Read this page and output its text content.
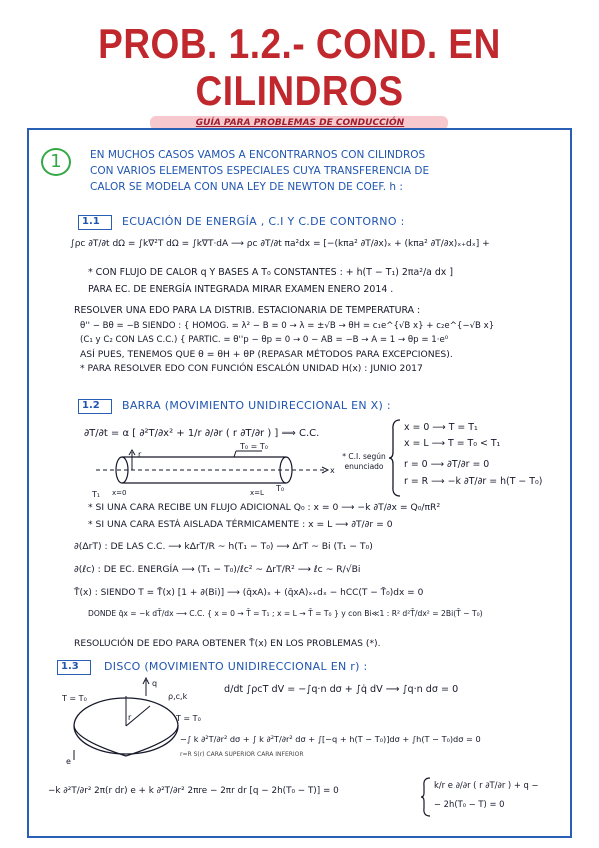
PROB. 1.2.- COND. EN CILINDROS
GUÍA PARA PROBLEMAS DE CONDUCCIÓN
1	EN MUCHOS CASOS VAMOS A ENCONTRARNOS CON CILINDROS
CON VARIOS ELEMENTOS ESPECIALES CUYA TRANSFERENCIA DE
CALOR SE MODELA CON UNA LEY DE NEWTON DE COEF. h :
1.1	ECUACIÓN DE ENERGÍA , C.I Y C.DE CONTORNO :
∫ρc ∂T/∂t dΩ = ∫k∇²T dΩ = ∫k∇T·dA ⟶ ρc ∂T/∂t πa²dx = [−(kπa² ∂T/∂x)ₓ + (kπa² ∂T/∂x)ₓ₊dₓ] +
* CON FLUJO DE CALOR q Y BASES A T₀ CONSTANTES : + h(T − T₁) 2πa²/a dx ]
PARA EC. DE ENERGÍA INTEGRADA MIRAR EXAMEN ENERO 2014 .
RESOLVER UNA EDO PARA LA DISTRIB. ESTACIONARIA DE TEMPERATURA :
θ'' − Bθ = −B SIENDO : { HOMOG. = λ² − B = 0 → λ = ±√B → θH = c₁e^{√B x} + c₂e^{−√B x}
(C₁ y C₂ CON LAS C.C.) { PARTIC. = θ''p − θp = 0 → 0 − AB = −B → A = 1 → θp = 1·e⁰
ASÍ PUES, TENEMOS QUE θ = θH + θP (REPASAR MÉTODOS PARA EXCEPCIONES).
* PARA RESOLVER EDO CON FUNCIÓN ESCALÓN UNIDAD H(x) : JUNIO 2017
1.2	BARRA (MOVIMIENTO UNIDIRECCIONAL EN X) :
∂T/∂t = α [ ∂²T/∂x² + 1/r ∂/∂r ( r ∂T/∂r ) ] ⟹ C.C.
x = 0 ⟶ T = T₁
x = L ⟶ T = T₀ < T₁
r = 0 ⟶ ∂T/∂r = 0
r = R ⟶ −k ∂T/∂r = h(T − T₀)
r
T₀ = T₀
x
x=0	x=L
T₁
T₀
* C.I. según enunciado
* SI UNA CARA RECIBE UN FLUJO ADICIONAL Q₀ : x = 0 ⟶ −k ∂T/∂x = Q₀/πR²
* SI UNA CARA ESTÁ AISLADA TÉRMICAMENTE : x = L ⟶ ∂T/∂r = 0
∂(ΔrT) : DE LAS C.C. ⟶ kΔrT/R ~ h(T₁ − T₀) ⟶ ΔrT ~ Bi (T₁ − T₀)
∂(ℓc) : DE EC. ENERGÍA ⟶ (T₁ − T₀)/ℓc² ~ ΔrT/R² ⟶ ℓc ~ R/√Bi
T̄(x) : SIENDO T = T̄(x) [1 + ∂(Bi)] ⟶ (q̄xA)ₓ + (q̄xA)ₓ₊dₓ − hCC(T − T̄₀)dx = 0
DONDE q̄x = −k dT̄/dx ⟶ C.C. { x = 0 → T̄ = T₁ ; x = L → T̄ = T₀ } y con Bi≪1 : R² d²T̄/dx² = 2Bi(T̄ − T₀)
RESOLUCIÓN DE EDO PARA OBTENER T̄(x) EN LOS PROBLEMAS (*).
1.3	DISCO (MOVIMIENTO UNIDIRECCIONAL EN r) :
T = T₀
q
ρ,c,k
r
e
T = T₀
d/dt ∫ρcT dV = −∫q·n dσ + ∫q̇ dV ⟶ ∫q·n dσ = 0
−∫ k ∂²T/∂r² dσ + ∫ k ∂²T/∂r² dσ + ∫[−q + h(T − T₀)]dσ + ∫h(T − T₀)dσ = 0
r=R S(r) CARA SUPERIOR CARA INFERIOR
−k ∂²T/∂r² 2π(r dr) e + k ∂²T/∂r² 2πre − 2πr dr [q − 2h(T₀ − T)] = 0
k/r e ∂/∂r ( r ∂T/∂r ) + q −
− 2h(T₀ − T) = 0
